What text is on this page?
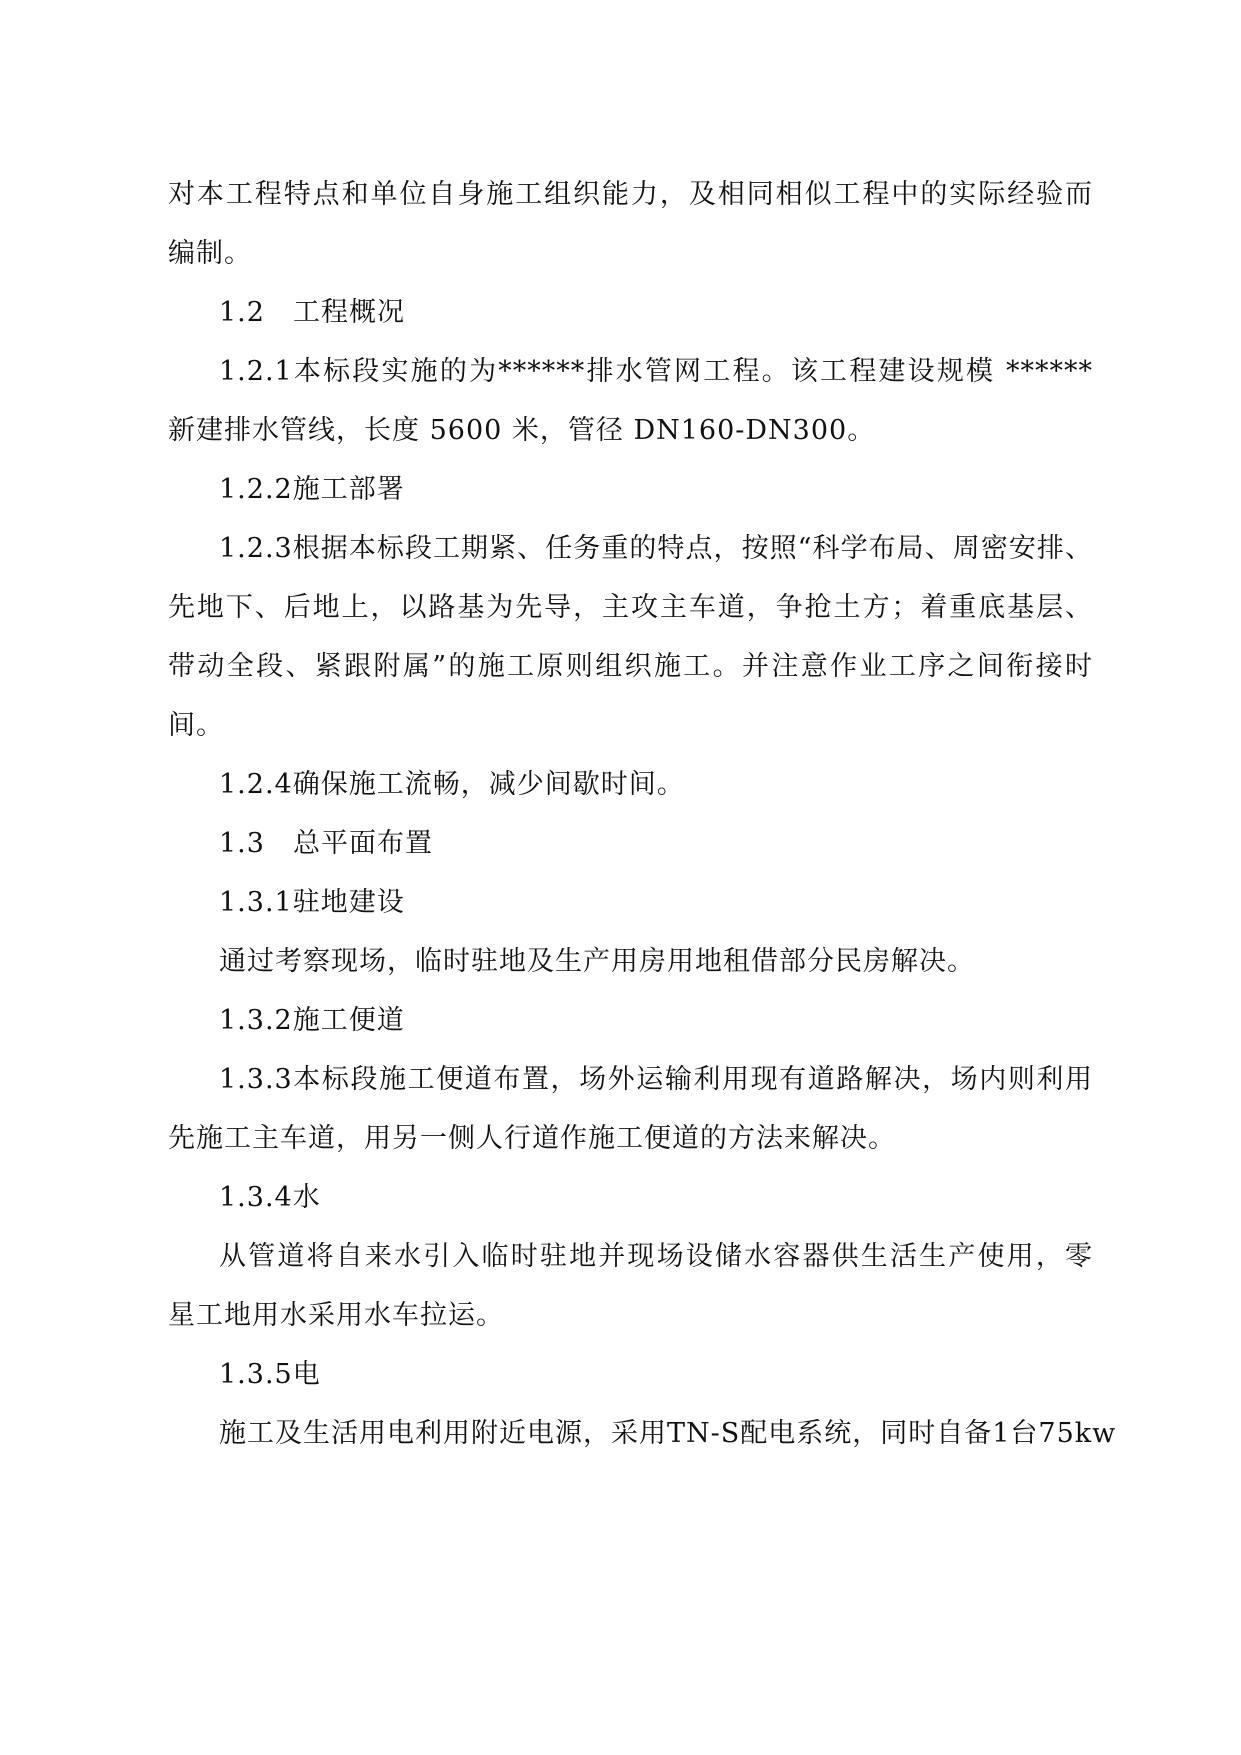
对本工程特点和单位自身施工组织能力，及相同相似工程中的实际经验而
编制。
1.2　工程概况
1.2.1本标段实施的为******排水管网工程。该工程建设规模 ******
新建排水管线，长度 5600 米，管径 DN160-DN300。
1.2.2施工部署
1.2.3根据本标段工期紧、任务重的特点，按照“科学布局、周密安排、
先地下、后地上，以路基为先导，主攻主车道，争抢土方；着重底基层、
带动全段、紧跟附属”的施工原则组织施工。并注意作业工序之间衔接时
间。
1.2.4确保施工流畅，减少间歇时间。
1.3　总平面布置
1.3.1驻地建设
通过考察现场，临时驻地及生产用房用地租借部分民房解决。
1.3.2施工便道
1.3.3本标段施工便道布置，场外运输利用现有道路解决，场内则利用
先施工主车道，用另一侧人行道作施工便道的方法来解决。
1.3.4水
从管道将自来水引入临时驻地并现场设储水容器供生活生产使用，零
星工地用水采用水车拉运。
1.3.5电
施工及生活用电利用附近电源，采用TN-S配电系统，同时自备1台75kw
